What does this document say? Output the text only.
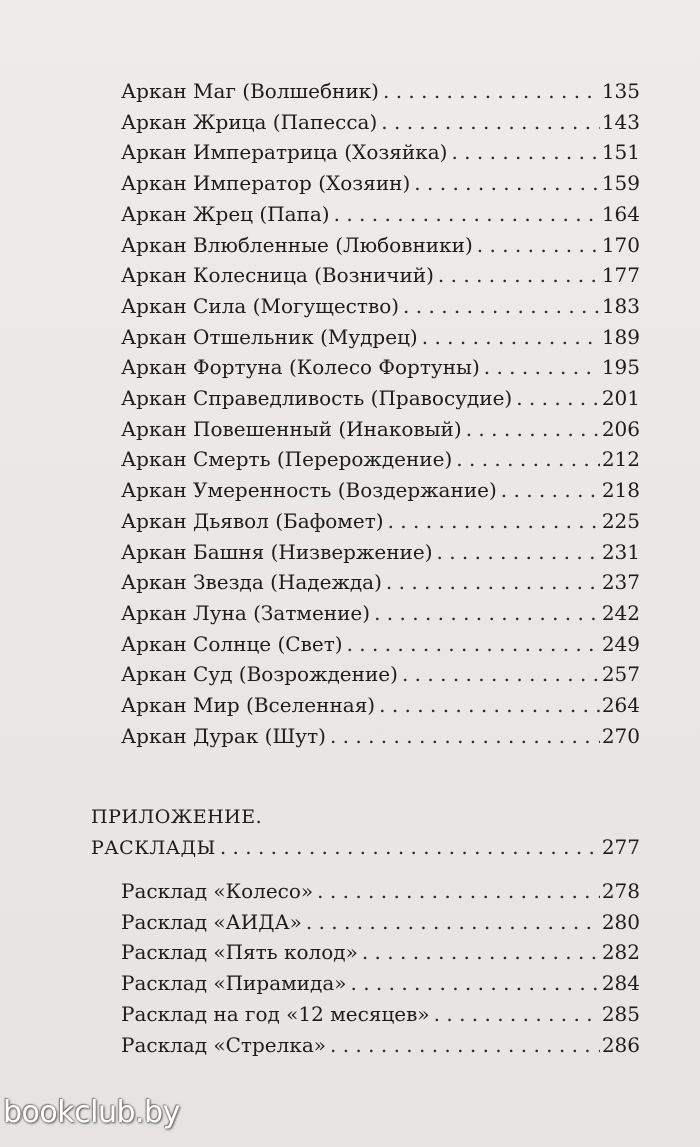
ПРИЛОЖЕНИЕ.
bookclub.by
Аркан Маг (Волшебник) . . .	135
Аркан Жрица (Папесса) . . .	143
Аркан Императрица (Хозяйка) . . .	151
Аркан Император (Хозяин) . . .	159
Аркан Жрец (Папа) . . .	164
Аркан Влюбленные (Любовники) . . .	170
Аркан Колесница (Возничий) . . .	177
Аркан Сила (Могущество) . . .	183
Аркан Отшельник (Мудрец) . . .	189
Аркан Фортуна (Колесо Фортуны) . . .	195
Аркан Справедливость (Правосудие) . . .	201
Аркан Повешенный (Инаковый) . . .	206
Аркан Смерть (Перерождение) . . .	212
Аркан Умеренность (Воздержание) . . .	218
Аркан Дьявол (Бафомет) . . .	225
Аркан Башня (Низвержение) . . .	231
Аркан Звезда (Надежда) . . .	237
Аркан Луна (Затмение) . . .	242
Аркан Солнце (Свет) . . .	249
Аркан Суд (Возрождение) . . .	257
Аркан Мир (Вселенная) . . .	264
Аркан Дурак (Шут) . . .	270
РАСКЛАДЫ . . .	277
Расклад «Колесо» . . .	278
Расклад «АИДА» . . .	280
Расклад «Пять колод» . . .	282
Расклад «Пирамида» . . .	284
Расклад на год «12 месяцев» . . .	285
Расклад «Стрелка» . . .	286
